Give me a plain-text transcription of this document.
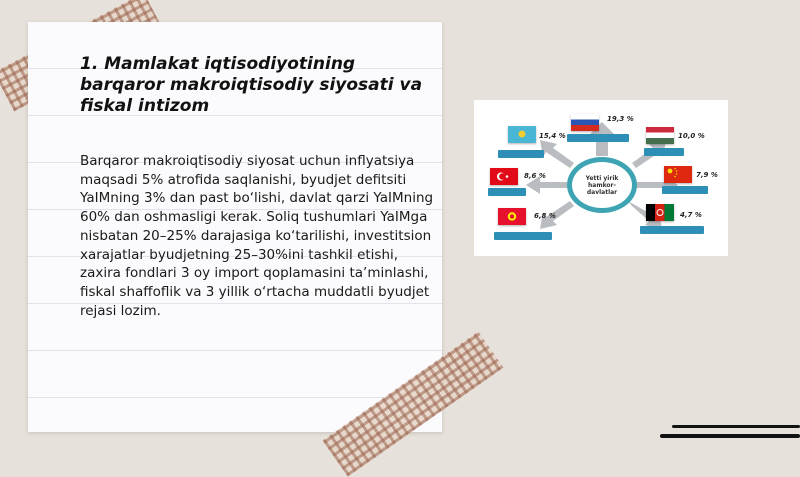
1. Mamlakat iqtisodiyotining barqaror makroiqtisodiy siyosati va fiskal intizom

Barqaror makroiqtisodiy siyosat uchun inflyatsiya maqsadi 5% atrofida saqlanishi, byudjet defitsiti YaIMning 3% dan past bo‘lishi, davlat qarzi YaIMning 60% dan oshmasligi kerak. Soliq tushumlari YaIMga nisbatan 20–25% darajasiga ko‘tarilishi, investitsion xarajatlar byudjetning 25–30%ini tashkil etishi, zaxira fondlari 3 oy import qoplamasini ta’minlashi, fiskal shaffoflik va 3 yillik o‘rtacha muddatli byudjet rejasi lozim.

Yetti yirik hamkor-davlatlar
15,4 %
19,3 %
10,0 %
8,6 %	7,9 %
6,8 %	4,7 %
